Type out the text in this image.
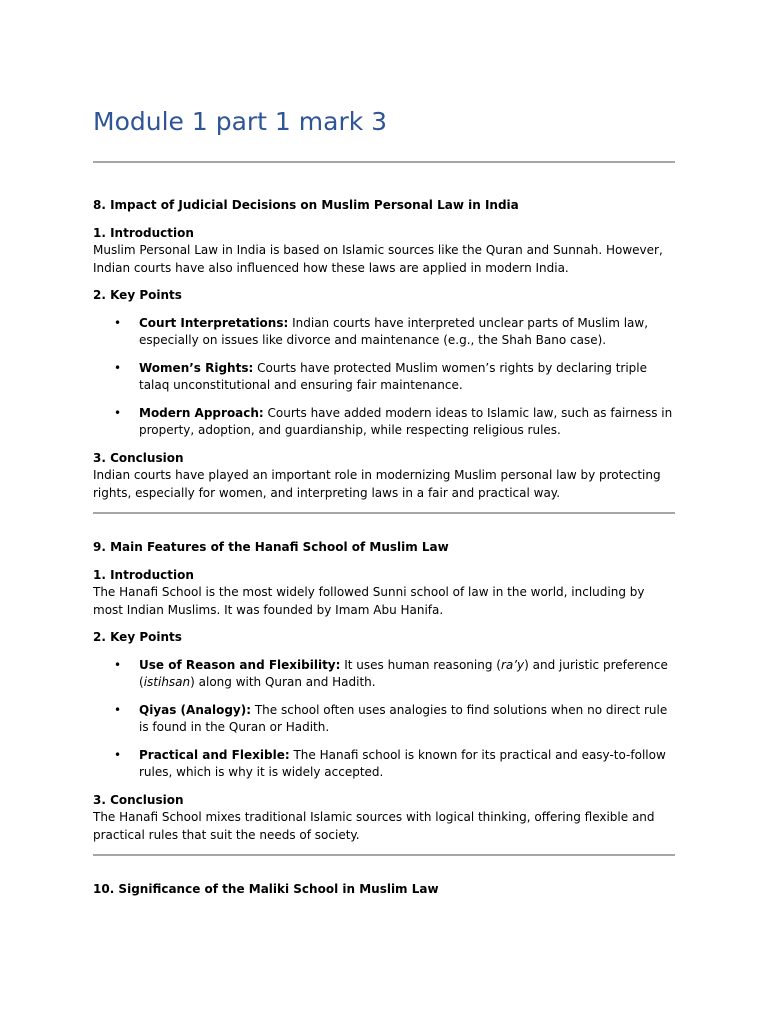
Module 1 part 1 mark 3

8. Impact of Judicial Decisions on Muslim Personal Law in India

1. Introduction

Muslim Personal Law in India is based on Islamic sources like the Quran and Sunnah. However, Indian courts have also influenced how these laws are applied in modern India.

2. Key Points

• Court Interpretations: Indian courts have interpreted unclear parts of Muslim law, especially on issues like divorce and maintenance (e.g., the Shah Bano case).
• Women’s Rights: Courts have protected Muslim women’s rights by declaring triple talaq unconstitutional and ensuring fair maintenance.
• Modern Approach: Courts have added modern ideas to Islamic law, such as fairness in property, adoption, and guardianship, while respecting religious rules.

3. Conclusion

Indian courts have played an important role in modernizing Muslim personal law by protecting rights, especially for women, and interpreting laws in a fair and practical way.

9. Main Features of the Hanafi School of Muslim Law

1. Introduction

The Hanafi School is the most widely followed Sunni school of law in the world, including by most Indian Muslims. It was founded by Imam Abu Hanifa.

2. Key Points

• Use of Reason and Flexibility: It uses human reasoning (ra’y) and juristic preference (istihsan) along with Quran and Hadith.
• Qiyas (Analogy): The school often uses analogies to find solutions when no direct rule is found in the Quran or Hadith.
• Practical and Flexible: The Hanafi school is known for its practical and easy-to-follow rules, which is why it is widely accepted.

3. Conclusion

The Hanafi School mixes traditional Islamic sources with logical thinking, offering flexible and practical rules that suit the needs of society.

10. Significance of the Maliki School in Muslim Law
